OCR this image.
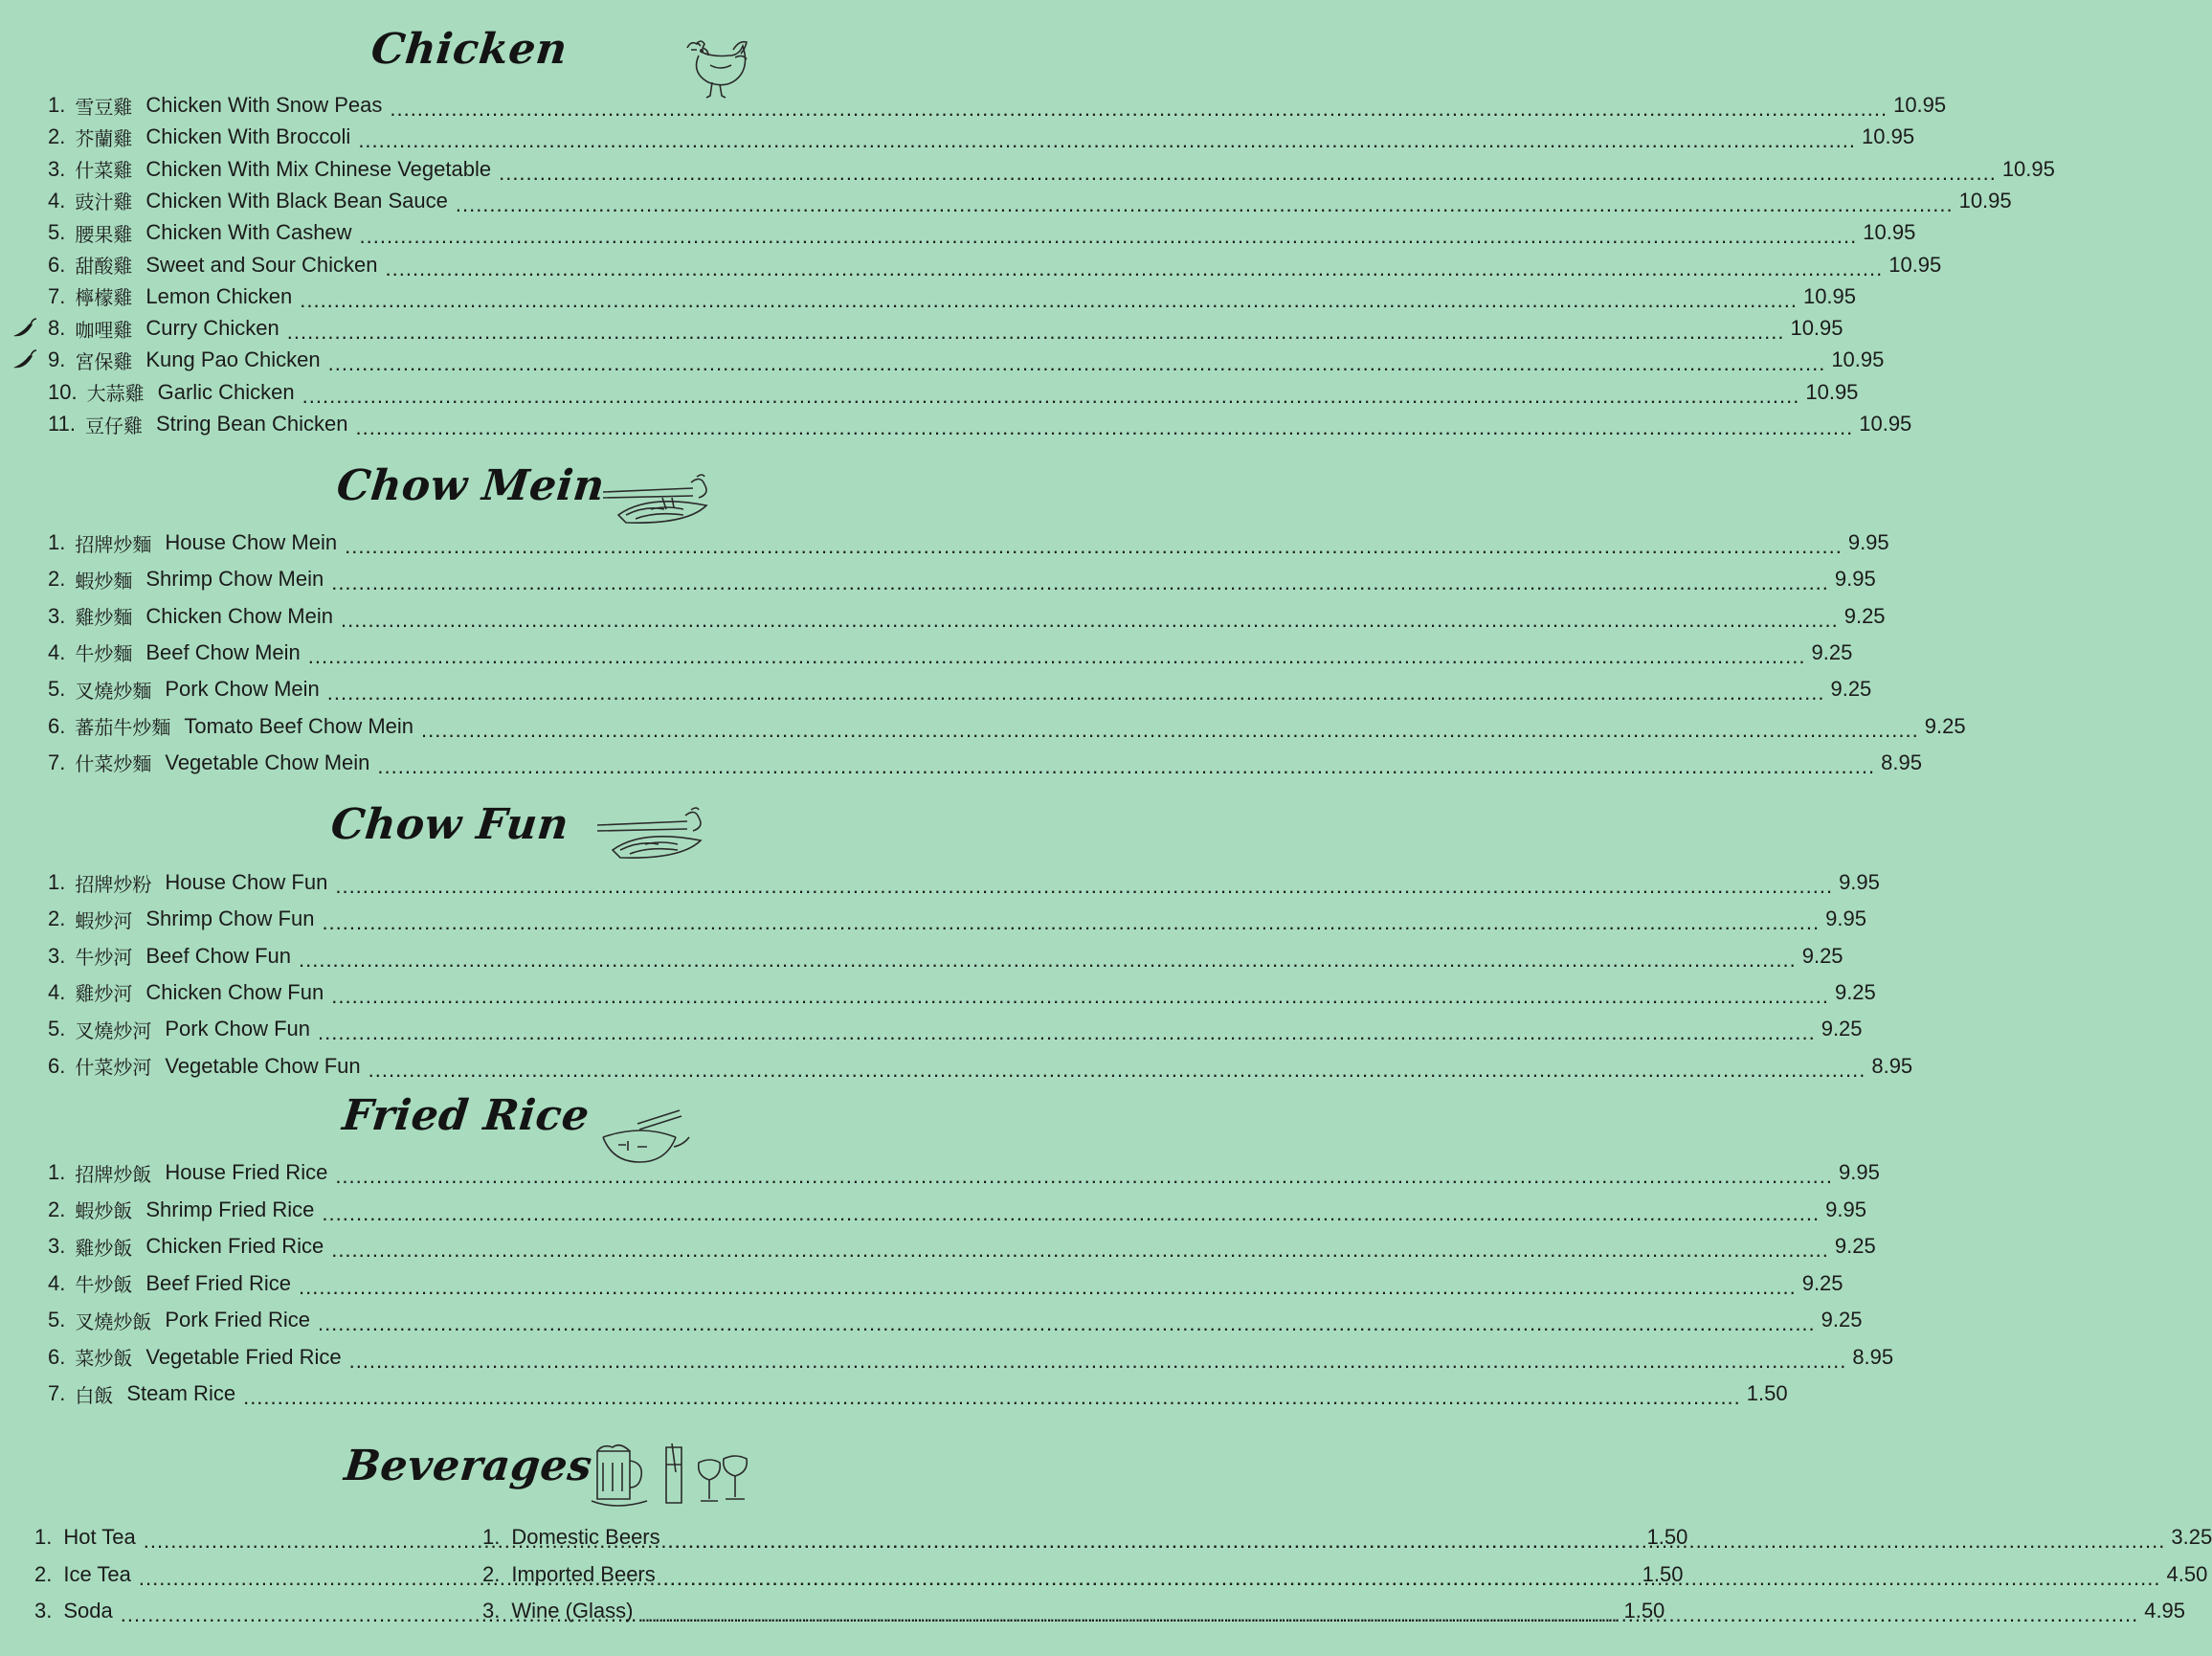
Chicken
Chow Mein
Chow Fun
Fried Rice
Beverages
1. 雪豆雞 Chicken With Snow Peas .....	10.95
2. 芥蘭雞 Chicken With Broccoli .....	10.95
3. 什菜雞 Chicken With Mix Chinese Vegetable .....	10.95
4. 豉汁雞 Chicken With Black Bean Sauce .....	10.95
5. 腰果雞 Chicken With Cashew .....	10.95
6. 甜酸雞 Sweet and Sour Chicken .....	10.95
7. 檸檬雞 Lemon Chicken .....	10.95
8. 咖哩雞 Curry Chicken .....	10.95
9. 宮保雞 Kung Pao Chicken .....	10.95
10. 大蒜雞 Garlic Chicken .....	10.95
11. 豆仔雞 String Bean Chicken .....	10.95
1. 招牌炒麵 House Chow Mein .....	9.95
2. 蝦炒麵 Shrimp Chow Mein .....	9.95
3. 雞炒麵 Chicken Chow Mein .....	9.25
4. 牛炒麵 Beef Chow Mein .....	9.25
5. 叉燒炒麵 Pork Chow Mein .....	9.25
6. 蕃茄牛炒麵 Tomato Beef Chow Mein .....	9.25
7. 什菜炒麵 Vegetable Chow Mein .....	8.95
1. 招牌炒粉 House Chow Fun .....	9.95
2. 蝦炒河 Shrimp Chow Fun .....	9.95
3. 牛炒河 Beef Chow Fun .....	9.25
4. 雞炒河 Chicken Chow Fun .....	9.25
5. 叉燒炒河 Pork Chow Fun .....	9.25
6. 什菜炒河 Vegetable Chow Fun .....	8.95
1. 招牌炒飯 House Fried Rice .....	9.95
2. 蝦炒飯 Shrimp Fried Rice .....	9.95
3. 雞炒飯 Chicken Fried Rice .....	9.25
4. 牛炒飯 Beef Fried Rice .....	9.25
5. 叉燒炒飯 Pork Fried Rice .....	9.25
6. 菜炒飯 Vegetable Fried Rice .....	8.95
7. 白飯 Steam Rice .....	1.50
1. Hot Tea .....	1.50
2. Ice Tea .....	1.50
3. Soda .....	1.50
1. Domestic Beers .....	3.25
2. Imported Beers .....	4.50
3. Wine (Glass) .....	4.95
